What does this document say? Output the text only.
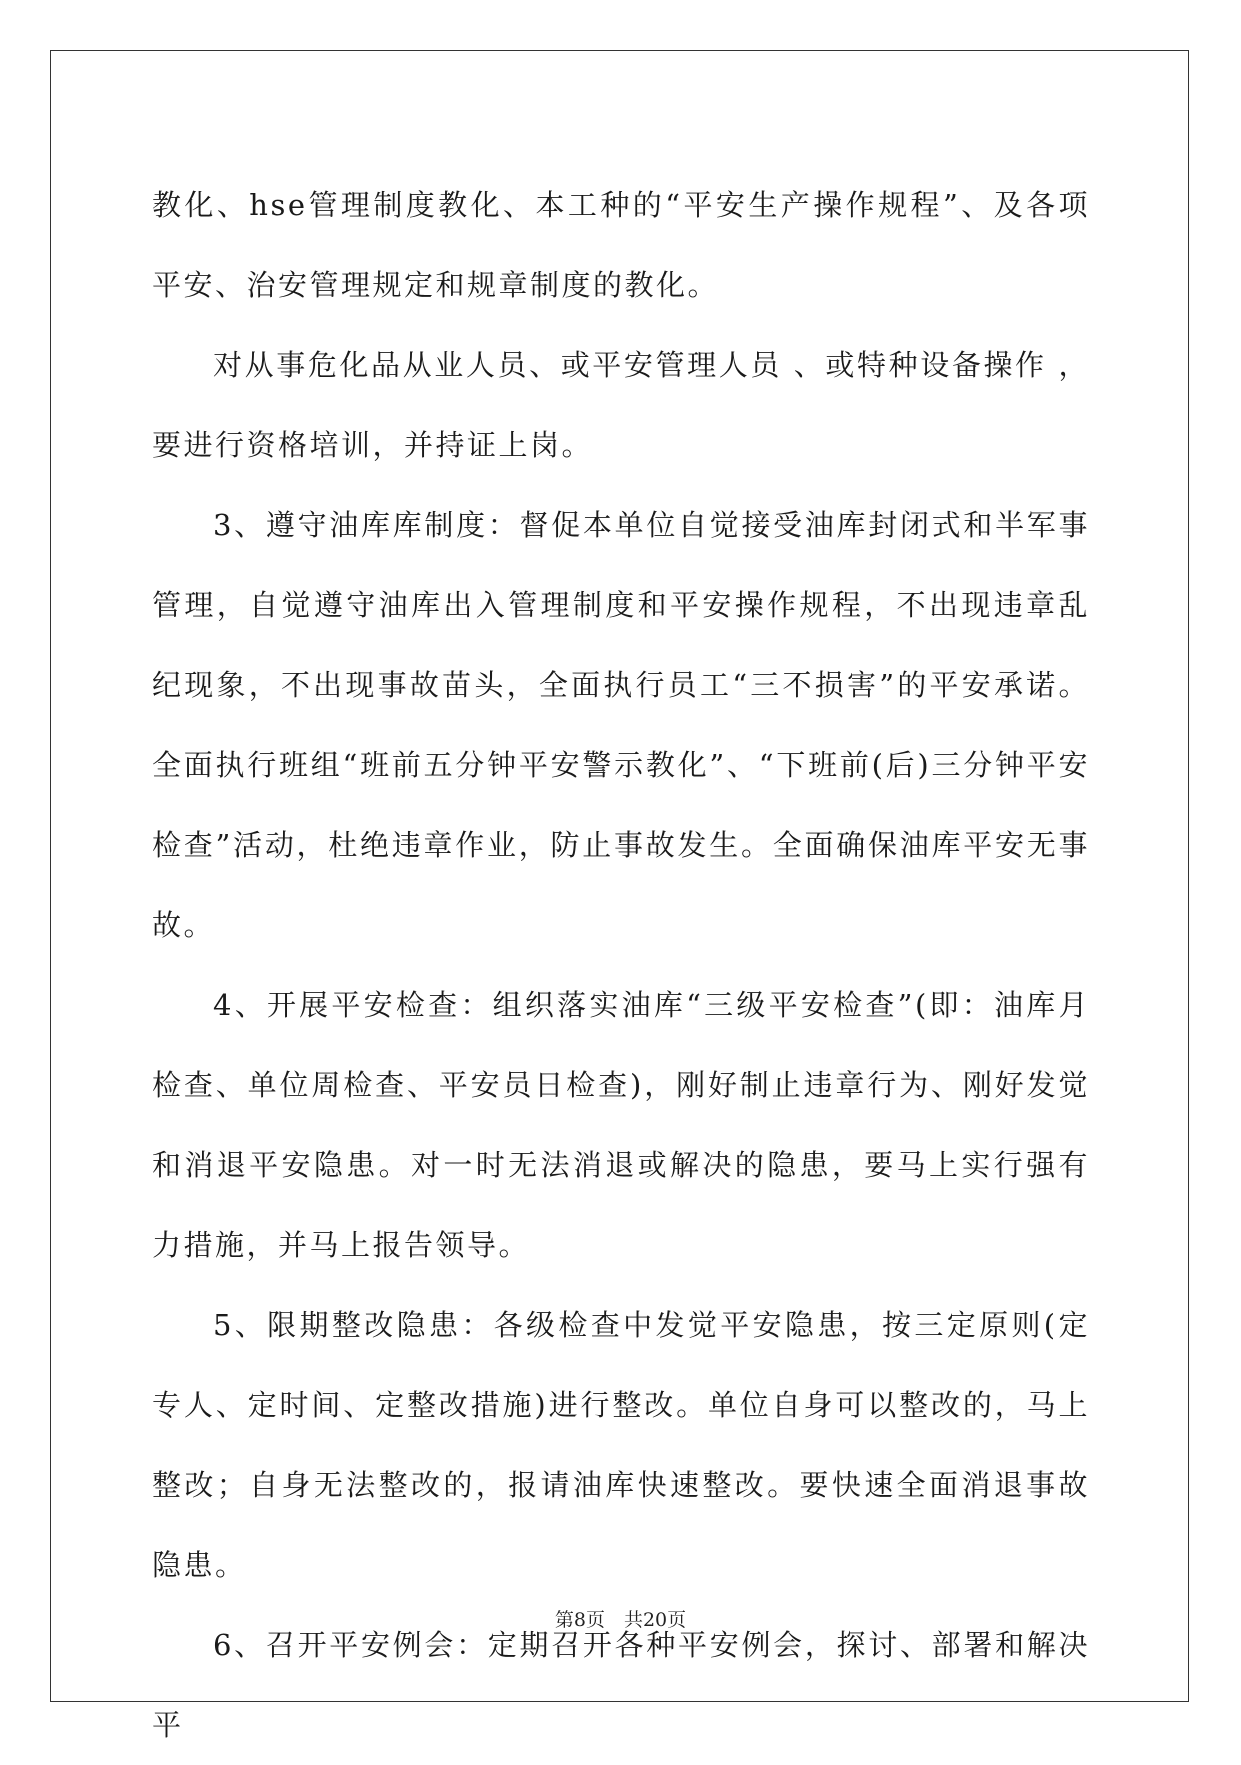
教化、hse管理制度教化、本工种的“平安生产操作规程”、及各项平安、治安管理规定和规章制度的教化。

对从事危化品从业人员、或平安管理人员 、或特种设备操作 ，要进行资格培训，并持证上岗。

3、遵守油库库制度：督促本单位自觉接受油库封闭式和半军事管理，自觉遵守油库出入管理制度和平安操作规程，不出现违章乱纪现象，不出现事故苗头，全面执行员工“三不损害”的平安承诺。全面执行班组“班前五分钟平安警示教化”、“下班前(后)三分钟平安检查”活动，杜绝违章作业，防止事故发生。全面确保油库平安无事故。

4、开展平安检查：组织落实油库“三级平安检查”(即：油库月检查、单位周检查、平安员日检查)，刚好制止违章行为、刚好发觉和消退平安隐患。对一时无法消退或解决的隐患，要马上实行强有力措施，并马上报告领导。

5、限期整改隐患：各级检查中发觉平安隐患，按三定原则(定专人、定时间、定整改措施)进行整改。单位自身可以整改的，马上整改；自身无法整改的，报请油库快速整改。要快速全面消退事故隐患。

6、召开平安例会：定期召开各种平安例会，探讨、部署和解决平

第8页　共20页
